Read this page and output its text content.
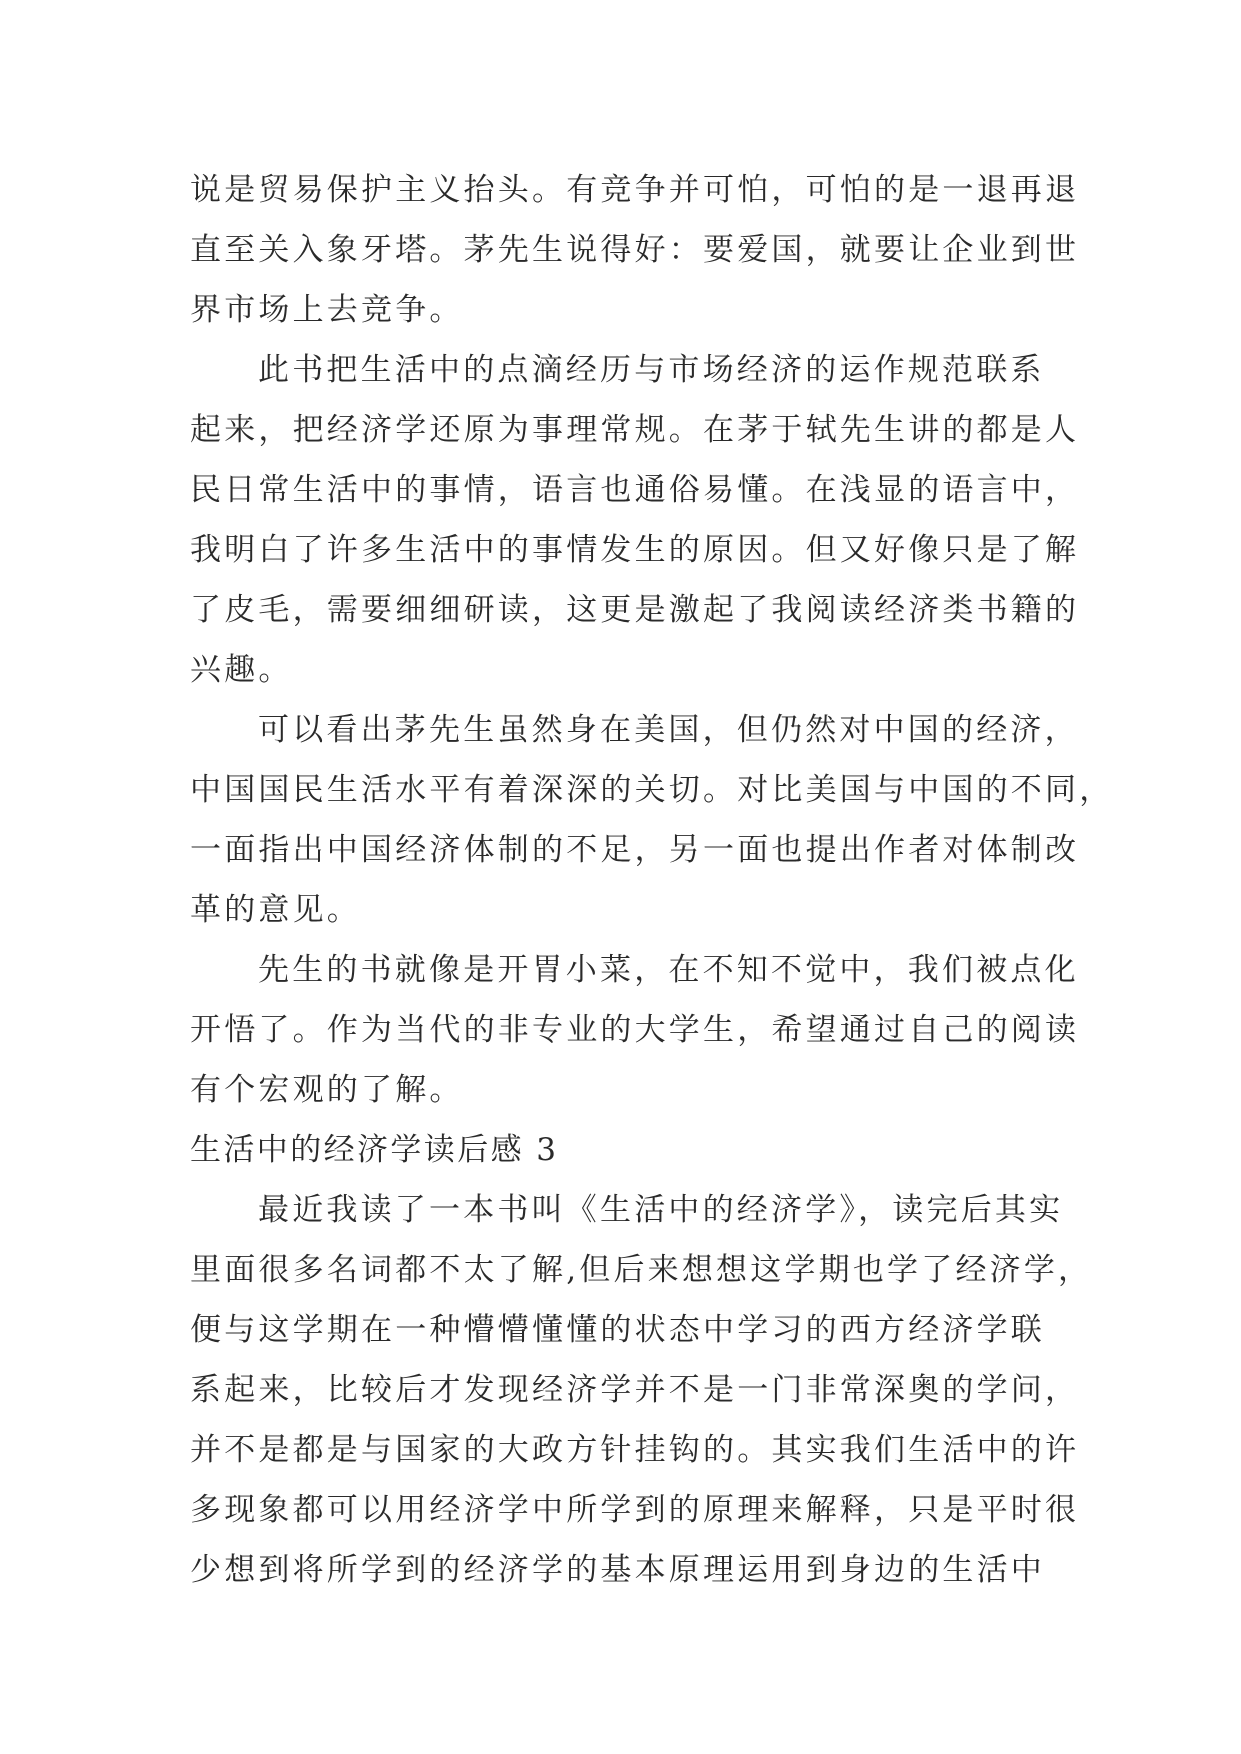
说是贸易保护主义抬头。有竞争并可怕，可怕的是一退再退
直至关入象牙塔。茅先生说得好：要爱国，就要让企业到世
界市场上去竞争。
此书把生活中的点滴经历与市场经济的运作规范联系
起来，把经济学还原为事理常规。在茅于轼先生讲的都是人
民日常生活中的事情，语言也通俗易懂。在浅显的语言中，
我明白了许多生活中的事情发生的原因。但又好像只是了解
了皮毛，需要细细研读，这更是激起了我阅读经济类书籍的
兴趣。
可以看出茅先生虽然身在美国，但仍然对中国的经济，
中国国民生活水平有着深深的关切。对比美国与中国的不同，
一面指出中国经济体制的不足，另一面也提出作者对体制改
革的意见。
先生的书就像是开胃小菜，在不知不觉中，我们被点化
开悟了。作为当代的非专业的大学生，希望通过自己的阅读
有个宏观的了解。
生活中的经济学读后感 3
最近我读了一本书叫《生活中的经济学》，读完后其实
里面很多名词都不太了解,但后来想想这学期也学了经济学，
便与这学期在一种懵懵懂懂的状态中学习的西方经济学联
系起来，比较后才发现经济学并不是一门非常深奥的学问，
并不是都是与国家的大政方针挂钩的。其实我们生活中的许
多现象都可以用经济学中所学到的原理来解释，只是平时很
少想到将所学到的经济学的基本原理运用到身边的生活中
